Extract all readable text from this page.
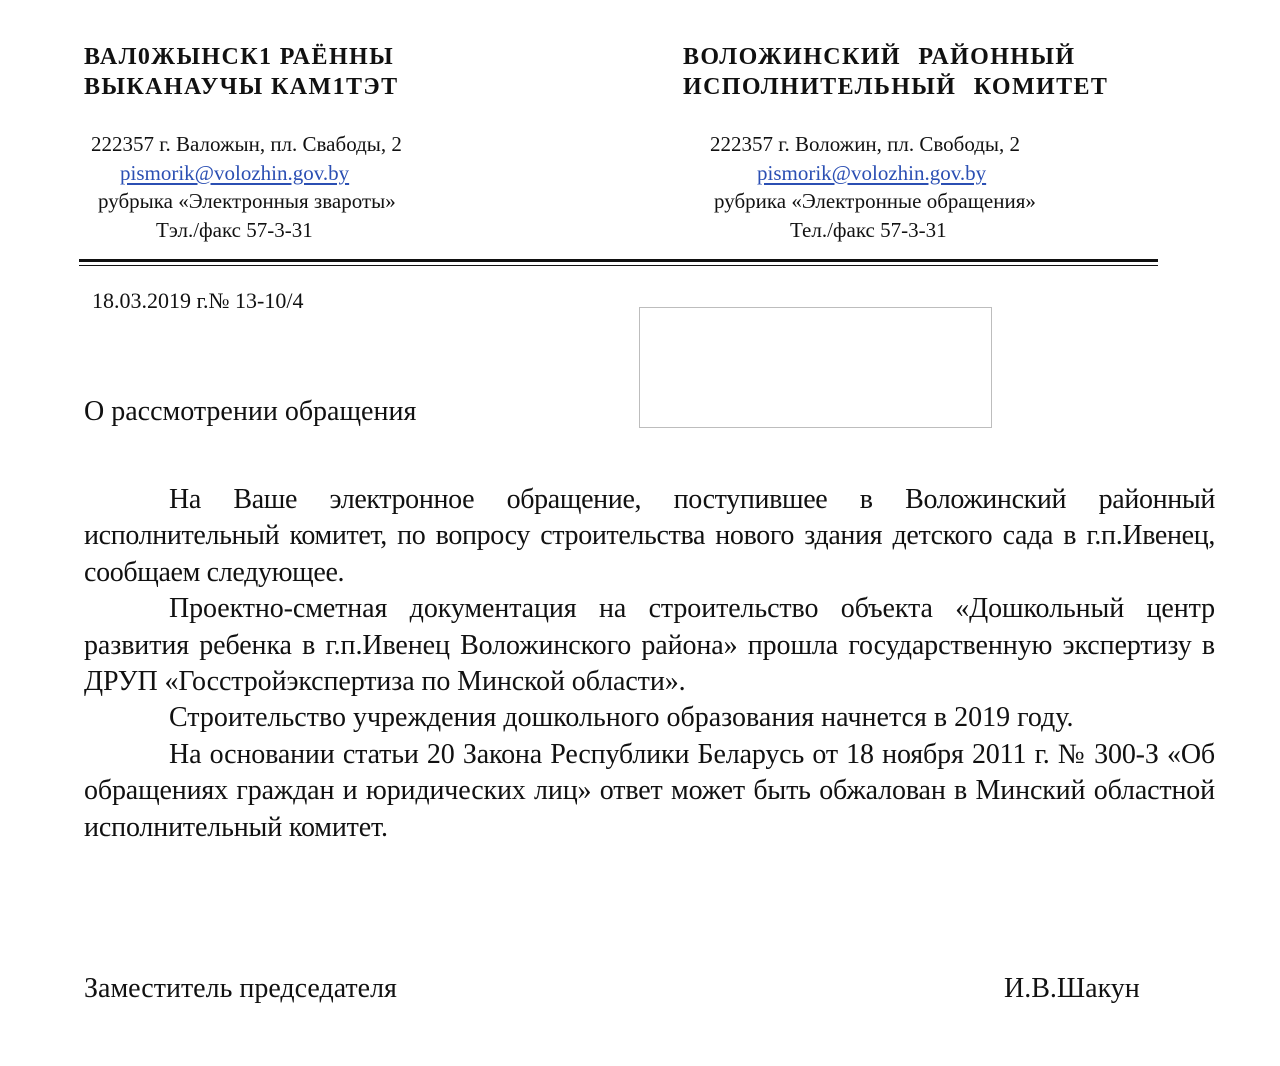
ВАЛ0ЖЫНСК1 РАЁННЫ
ВЫКАНАУЧЫ КАМ1ТЭТ
ВОЛОЖИНСКИЙ РАЙОННЫЙ
ИСПОЛНИТЕЛЬНЫЙ КОМИТЕТ
222357 г. Валожын, пл. Свабоды, 2
pismorik@volozhin.gov.by
рубрыка «Электронныя звароты»
Тэл./факс 57-3-31
222357 г. Воложин, пл. Свободы, 2
pismorik@volozhin.gov.by
рубрика «Электронные обращения»
Тел./факс 57-3-31
18.03.2019 г.№ 13-10/4
О рассмотрении обращения

На Ваше электронное обращение, поступившее в Воложинский районный исполнительный комитет, по вопросу строительства нового здания детского сада в г.п.Ивенец, сообщаем следующее.

Проектно-сметная документация на строительство объекта «Дошкольный центр развития ребенка в г.п.Ивенец Воложинского района» прошла государственную экспертизу в ДРУП «Госстройэкспертиза по Минской области».

Строительство учреждения дошкольного образования начнется в 2019 году.

На основании статьи 20 Закона Республики Беларусь от 18 ноября 2011 г. № 300-З «Об обращениях граждан и юридических лиц» ответ может быть обжалован в Минский областной исполнительный комитет.

Заместитель председателя	И.В.Шакун
